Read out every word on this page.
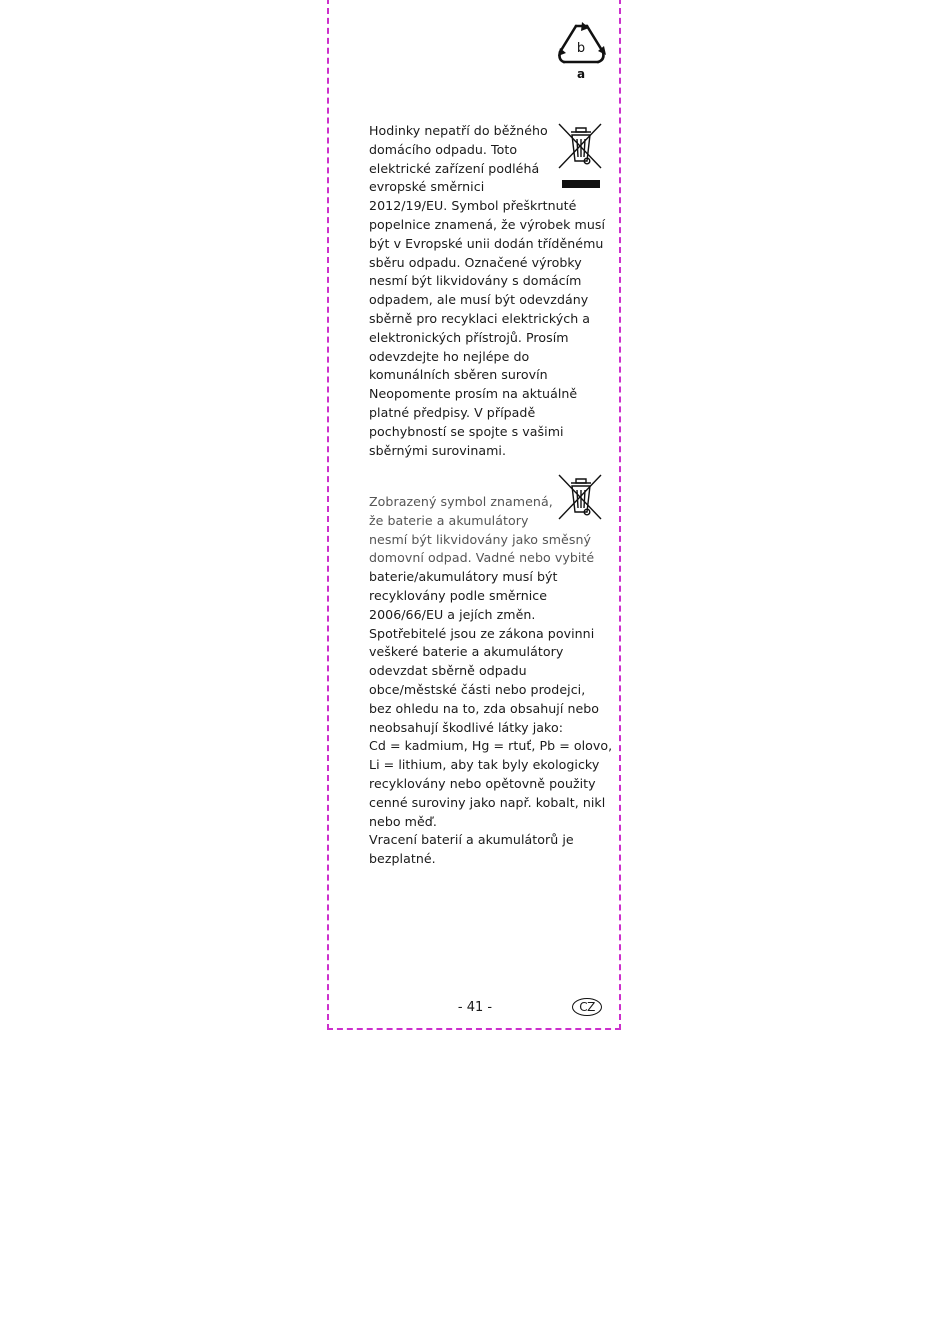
b
a

Hodinky nepatří do běžného
domácího odpadu. Toto
elektrické zařízení podléhá
evropské směrnici
2012/19/EU. Symbol přeškrtnuté
popelnice znamená, že výrobek musí
být v Evropské unii dodán tříděnému
sběru odpadu. Označené výrobky
nesmí být likvidovány s domácím
odpadem, ale musí být odevzdány
sběrně pro recyklaci elektrických a
elektronických přístrojů. Prosím
odevzdejte ho nejlépe do
komunálních sběren surovín
Neopomente prosím na aktuálně
platné předpisy. V případě
pochybností se spojte s vašimi
sběrnými surovinami.

Zobrazený symbol znamená,
že baterie a akumulátory
nesmí být likvidovány jako směsný
domovní odpad. Vadné nebo vybité
baterie/akumulátory musí být
recyklovány podle směrnice
2006/66/EU a jejích změn.
Spotřebitelé jsou ze zákona povinni
veškeré baterie a akumulátory
odevzdat sběrně odpadu
obce/městské části nebo prodejci,
bez ohledu na to, zda obsahují nebo
neobsahují škodlivé látky jako:
Cd = kadmium, Hg = rtuť, Pb = olovo,
Li = lithium, aby tak byly ekologicky
recyklovány nebo opětovně použity
cenné suroviny jako např. kobalt, nikl
nebo měď.
Vracení baterií a akumulátorů je
bezplatné.

- 41 -	CZ
